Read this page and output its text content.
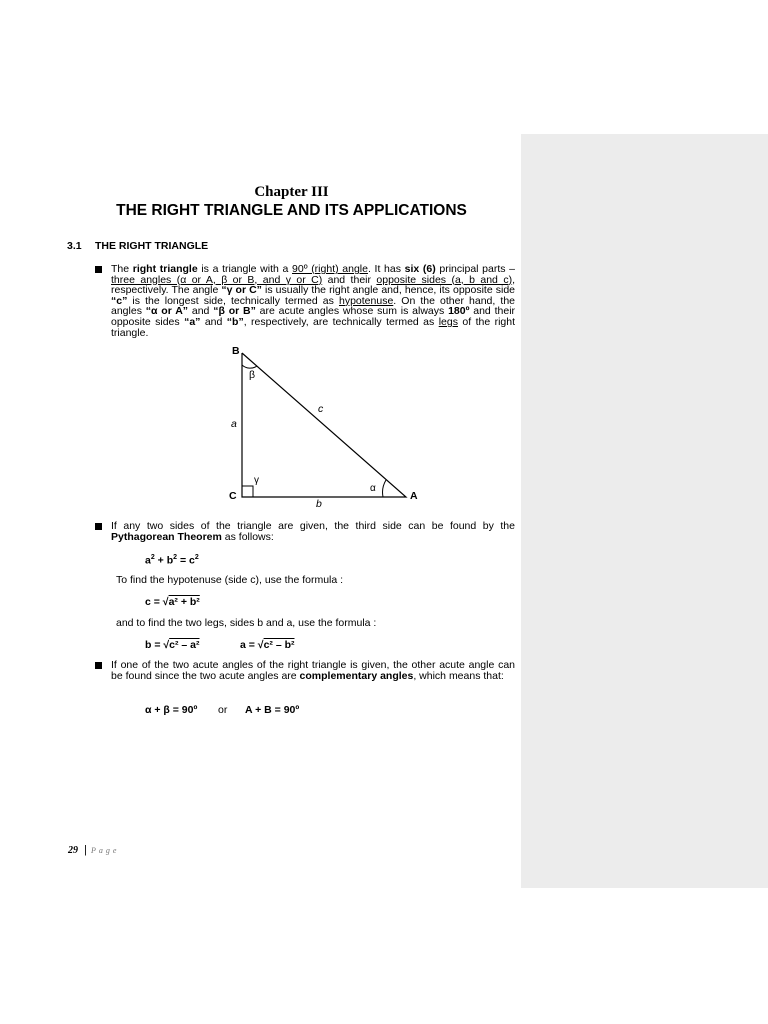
Chapter III
THE RIGHT TRIANGLE AND ITS APPLICATIONS
3.1 THE RIGHT TRIANGLE
The right triangle is a triangle with a 90º (right) angle. It has six (6) principal parts – three angles (α or A, β or B, and γ or C) and their opposite sides (a, b and c), respectively. The angle “γ or C” is usually the right angle and, hence, its opposite side “c” is the longest side, technically termed as hypotenuse. On the other hand, the angles “α or A” and “β or B” are acute angles whose sum is always 180º and their opposite sides “a” and “b”, respectively, are technically termed as legs of the right triangle.
B
β
a
c
γ
α
C	A
b
If any two sides of the triangle are given, the third side can be found by the Pythagorean Theorem as follows:
$a^2 + b^2 = c^2$
To find the hypotenuse (side c), use the formula :
c = √a² + b²
and to find the two legs, sides b and a, use the formula :
b = √c² – a²	a = √c² – b²
If one of the two acute angles of the right triangle is given, the other acute angle can be found since the two acute angles are complementary angles, which means that:
α + β = 90º or A + B = 90º
29 | Page
